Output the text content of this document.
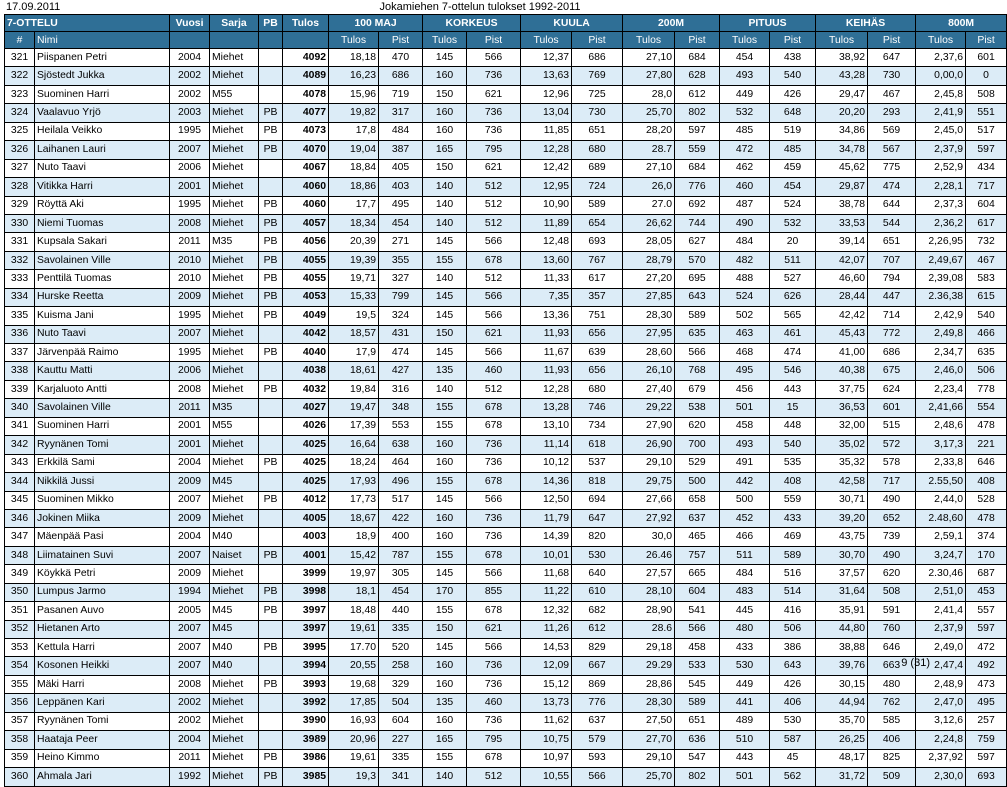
17.09.2011	Jokamiehen 7-ottelun tulokset 1992-2011
7-OTTELU		Vuosi	Sarja	PB	Tulos	100 MAJ		KORKEUS		KUULA		200M		PITUUS		KEIHÄS		800M	
#	Nimi					Tulos	Pist	Tulos	Pist	Tulos	Pist	Tulos	Pist	Tulos	Pist	Tulos	Pist	Tulos	Pist
321	Piispanen Petri	2004	Miehet		4092	18,18	470	145	566	12,37	686	27,10	684	454	438	38,92	647	2,37,6	601
322	Sjöstedt Jukka	2002	Miehet		4089	16,23	686	160	736	13,63	769	27,80	628	493	540	43,28	730	0,00,0	0
323	Suominen Harri	2002	M55		4078	15,96	719	150	621	12,96	725	28,0	612	449	426	29,47	467	2,45,8	508
324	Vaalavuo Yrjö	2003	Miehet	PB	4077	19,82	317	160	736	13,04	730	25,70	802	532	648	20,20	293	2,41,9	551
325	Heilala Veikko	1995	Miehet	PB	4073	17,8	484	160	736	11,85	651	28,20	597	485	519	34,86	569	2,45,0	517
326	Laihanen Lauri	2007	Miehet	PB	4070	19,04	387	165	795	12,28	680	28.7	559	472	485	34,78	567	2,37,9	597
327	Nuto Taavi	2006	Miehet		4067	18,84	405	150	621	12,42	689	27,10	684	462	459	45,62	775	2,52,9	434
328	Vitikka Harri	2001	Miehet		4060	18,86	403	140	512	12,95	724	26,0	776	460	454	29,87	474	2,28,1	717
329	Röyttä Aki	1995	Miehet	PB	4060	17,7	495	140	512	10,90	589	27.0	692	487	524	38,78	644	2,37,3	604
330	Niemi Tuomas	2008	Miehet	PB	4057	18,34	454	140	512	11,89	654	26,62	744	490	532	33,53	544	2,36,2	617
331	Kupsala Sakari	2011	M35	PB	4056	20,39	271	145	566	12,48	693	28,05	627	484	20	39,14	651	2,26,95	732
332	Savolainen Ville	2010	Miehet	PB	4055	19,39	355	155	678	13,60	767	28,79	570	482	511	42,07	707	2,49,67	467
333	Penttilä Tuomas	2010	Miehet	PB	4055	19,71	327	140	512	11,33	617	27,20	695	488	527	46,60	794	2,39,08	583
334	Hurske Reetta	2009	Miehet	PB	4053	15,33	799	145	566	7,35	357	27,85	643	524	626	28,44	447	2.36,38	615
335	Kuisma Jani	1995	Miehet	PB	4049	19,5	324	145	566	13,36	751	28,30	589	502	565	42,42	714	2,42,9	540
336	Nuto Taavi	2007	Miehet		4042	18,57	431	150	621	11,93	656	27,95	635	463	461	45,43	772	2,49,8	466
337	Järvenpää Raimo	1995	Miehet	PB	4040	17,9	474	145	566	11,67	639	28,60	566	468	474	41,00	686	2,34,7	635
338	Kauttu Matti	2006	Miehet		4038	18,61	427	135	460	11,93	656	26,10	768	495	546	40,38	675	2,46,0	506
339	Karjaluoto Antti	2008	Miehet	PB	4032	19,84	316	140	512	12,28	680	27,40	679	456	443	37,75	624	2,23,4	778
340	Savolainen Ville	2011	M35		4027	19,47	348	155	678	13,28	746	29,22	538	501	15	36,53	601	2,41,66	554
341	Suominen Harri	2001	M55		4026	17,39	553	155	678	13,10	734	27,90	620	458	448	32,00	515	2,48,6	478
342	Ryynänen Tomi	2001	Miehet		4025	16,64	638	160	736	11,14	618	26,90	700	493	540	35,02	572	3,17,3	221
343	Erkkilä Sami	2004	Miehet	PB	4025	18,24	464	160	736	10,12	537	29,10	529	491	535	35,32	578	2,33,8	646
344	Nikkilä Jussi	2009	M45		4025	17,93	496	155	678	14,36	818	29,75	500	442	408	42,58	717	2.55,50	408
345	Suominen Mikko	2007	Miehet	PB	4012	17,73	517	145	566	12,50	694	27,66	658	500	559	30,71	490	2,44,0	528
346	Jokinen Miika	2009	Miehet		4005	18,67	422	160	736	11,79	647	27,92	637	452	433	39,20	652	2.48,60	478
347	Mäenpää Pasi	2004	M40		4003	18,9	400	160	736	14,39	820	30,0	465	466	469	43,75	739	2,59,1	374
348	Liimatainen Suvi	2007	Naiset	PB	4001	15,42	787	155	678	10,01	530	26.46	757	511	589	30,70	490	3,24,7	170
349	Köykkä Petri	2009	Miehet		3999	19,97	305	145	566	11,68	640	27,57	665	484	516	37,57	620	2.30,46	687
350	Lumpus Jarmo	1994	Miehet	PB	3998	18,1	454	170	855	11,22	610	28,10	604	483	514	31,64	508	2,51,0	453
351	Pasanen Auvo	2005	M45	PB	3997	18,48	440	155	678	12,32	682	28,90	541	445	416	35,91	591	2,41,4	557
352	Hietanen Arto	2007	M45		3997	19,61	335	150	621	11,26	612	28.6	566	480	506	44,80	760	2,37,9	597
353	Kettula Harri	2007	M40	PB	3995	17.70	520	145	566	14,53	829	29,18	458	433	386	38,88	646	2,49,0	472
354	Kosonen Heikki	2007	M40		3994	20,55	258	160	736	12,09	667	29.29	533	530	643	39,76	663	2,47,4	492
355	Mäki Harri	2008	Miehet	PB	3993	19,68	329	160	736	15,12	869	28,86	545	449	426	30,15	480	2,48,9	473
356	Leppänen Kari	2002	Miehet		3992	17,85	504	135	460	13,73	776	28,30	589	441	406	44,94	762	2,47,0	495
357	Ryynänen Tomi	2002	Miehet		3990	16,93	604	160	736	11,62	637	27,50	651	489	530	35,70	585	3,12,6	257
358	Haataja Peer	2004	Miehet		3989	20,96	227	165	795	10,75	579	27,70	636	510	587	26,25	406	2,24,8	759
359	Heino Kimmo	2011	Miehet	PB	3986	19,61	335	155	678	10,97	593	29,10	547	443	45	48,17	825	2,37,92	597
360	Ahmala Jari	1992	Miehet	PB	3985	19,3	341	140	512	10,55	566	25,70	802	501	562	31,72	509	2,30,0	693
9 (31)
